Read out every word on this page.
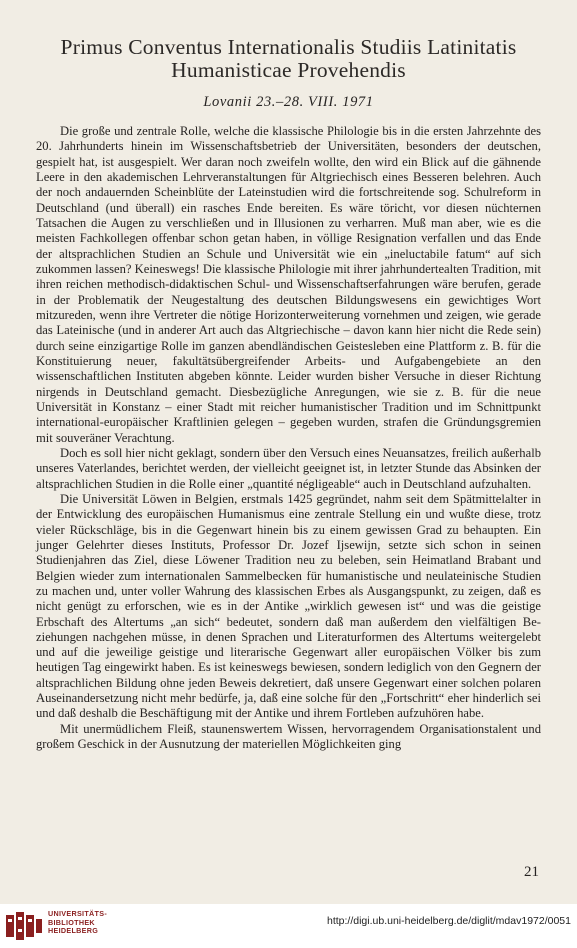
Primus Conventus Internationalis Studiis Latinitatis
Humanisticae Provehendis
Lovanii 23.–28. VIII. 1971

Die große und zentrale Rolle, welche die klassische Philologie bis in die ersten Jahrzehnte des 20. Jahrhunderts hinein im Wissenschaftsbetrieb der Universitäten, besonders der deutschen, gespielt hat, ist ausgespielt. Wer daran noch zweifeln wollte, den wird ein Blick auf die gähnende Leere in den akademischen Lehrveranstaltungen für Altgriechisch eines Besseren belehren. Auch der noch andauernden Scheinblüte der Lateinstudien wird die fortschreitende sog. Schulreform in Deutschland (und überall) ein rasches Ende bereiten. Es wäre töricht, vor diesen nüchternen Tatsachen die Augen zu verschließen und in Illusionen zu verharren. Muß man aber, wie es die meisten Fachkollegen offenbar schon getan haben, in völlige Resignation verfallen und das Ende der altsprachlichen Studien an Schule und Universität wie ein „ineluctabile fatum“ auf sich zukommen lassen? Keineswegs! Die klassische Philologie mit ihrer jahrhundertealten Tradition, mit ihren reichen methodisch-didaktischen Schul- und Wissenschaftserfahrungen wäre berufen, gerade in der Problematik der Neugestaltung des deutschen Bildungswesens ein gewichtiges Wort mitzureden, wenn ihre Vertreter die nötige Horizonterweiterung vornehmen und zeigen, wie gerade das Lateinische (und in anderer Art auch das Altgriechische – davon kann hier nicht die Rede sein) durch seine einzigartige Rolle im ganzen abendländischen Geistesleben eine Plattform z. B. für die Konstituierung neuer, fakultätsübergreifender Arbeits- und Aufgabengebiete an den wissenschaftlichen Instituten abgeben könnte. Leider wurden bisher Versuche in dieser Richtung nirgends in Deutschland gemacht. Diesbezügliche Anregungen, wie sie z. B. für die neue Universität in Konstanz – einer Stadt mit reicher humanistischer Tradition und im Schnittpunkt international-europäischer Kraftlinien gelegen – gegeben wurden, strafen die Gründungsgremien mit souveräner Verachtung.

Doch es soll hier nicht geklagt, sondern über den Versuch eines Neuansatzes, freilich außerhalb unseres Vaterlandes, berichtet werden, der vielleicht geeignet ist, in letzter Stunde das Absinken der altsprachlichen Studien in die Rolle einer „quantité négligeable“ auch in Deutschland aufzuhalten.

Die Universität Löwen in Belgien, erstmals 1425 gegründet, nahm seit dem Spätmittelalter in der Entwicklung des europäischen Humanismus eine zentrale Stellung ein und wußte diese, trotz vieler Rückschläge, bis in die Gegenwart hinein bis zu einem gewissen Grad zu behaupten. Ein junger Gelehrter dieses Instituts, Professor Dr. Jozef Ijsewijn, setzte sich schon in seinen Studienjahren das Ziel, diese Löwener Tradition neu zu beleben, sein Heimatland Brabant und Belgien wieder zum internationalen Sammelbecken für humanistische und neulateinische Studien zu machen und, unter voller Wahrung des klassischen Erbes als Ausgangspunkt, zu zeigen, daß es nicht genügt zu erforschen, wie es in der Antike „wirklich gewesen ist“ und was die geistige Erbschaft des Altertums „an sich“ bedeutet, sondern daß man außerdem den vielfältigen Beziehungen nachgehen müsse, in denen Sprachen und Literaturformen des Altertums weitergelebt und auf die jeweilige geistige und literarische Gegenwart aller europäischen Völker bis zum heutigen Tag eingewirkt haben. Es ist keineswegs bewiesen, sondern lediglich von den Gegnern der altsprachlichen Bildung ohne jeden Beweis dekretiert, daß unsere Gegenwart einer solchen polaren Auseinandersetzung nicht mehr bedürfe, ja, daß eine solche für den „Fortschritt“ eher hinderlich sei und daß deshalb die Beschäftigung mit der Antike und ihrem Fortleben aufzuhören habe.

Mit unermüdlichem Fleiß, staunenswertem Wissen, hervorragendem Organisationstalent und großem Geschick in der Ausnutzung der materiellen Möglichkeiten ging

21
UNIVERSITÄTS-
BIBLIOTHEK
HEIDELBERG
http://digi.ub.uni-heidelberg.de/diglit/mdav1972/0051
